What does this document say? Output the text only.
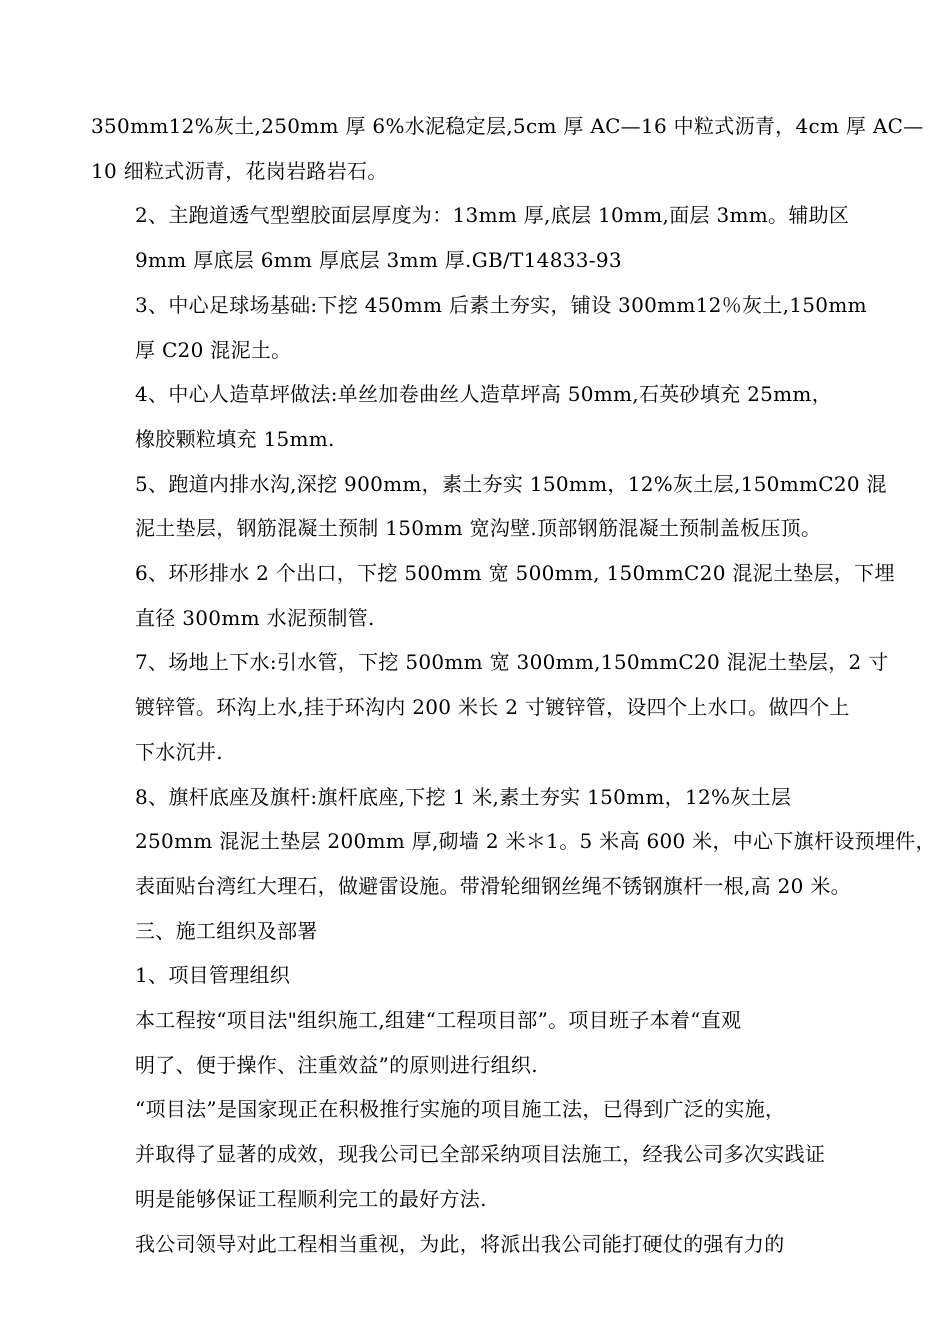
350mm12%灰土,250mm 厚 6%水泥稳定层,5cm 厚 AC—16 中粒式沥青，4cm 厚 AC—
10 细粒式沥青，花岗岩路岩石。

2、主跑道透气型塑胶面层厚度为：13mm 厚,底层 10mm,面层 3mm。辅助区
9mm 厚底层 6mm 厚底层 3mm 厚.GB/T14833-93

3、中心足球场基础:下挖 450mm 后素土夯实，铺设 300mm12％灰土,150mm
厚 C20 混泥土。

4、中心人造草坪做法:单丝加卷曲丝人造草坪高 50mm,石英砂填充 25mm，
橡胶颗粒填充 15mm.

5、跑道内排水沟,深挖 900mm，素土夯实 150mm，12%灰土层,150mmC20 混
泥土垫层，钢筋混凝土预制 150mm 宽沟壁.顶部钢筋混凝土预制盖板压顶。

6、环形排水 2 个出口，下挖 500mm 宽 500mm, 150mmC20 混泥土垫层，下埋
直径 300mm 水泥预制管.

7、场地上下水:引水管，下挖 500mm 宽 300mm,150mmC20 混泥土垫层，2 寸
镀锌管。环沟上水,挂于环沟内 200 米长 2 寸镀锌管，设四个上水口。做四个上
下水沉井.

8、旗杆底座及旗杆:旗杆底座,下挖 1 米,素土夯实 150mm，12%灰土层
250mm 混泥土垫层 200mm 厚,砌墙 2 米＊1。5 米高 600 米，中心下旗杆设预埋件，
表面贴台湾红大理石，做避雷设施。带滑轮细钢丝绳不锈钢旗杆一根,高 20 米。

三、施工组织及部署

1、项目管理组织

本工程按“项目法"组织施工,组建“工程项目部”。项目班子本着“直观
明了、便于操作、注重效益”的原则进行组织.

“项目法”是国家现正在积极推行实施的项目施工法，已得到广泛的实施，
并取得了显著的成效，现我公司已全部采纳项目法施工，经我公司多次实践证
明是能够保证工程顺利完工的最好方法.

我公司领导对此工程相当重视，为此，将派出我公司能打硬仗的强有力的
